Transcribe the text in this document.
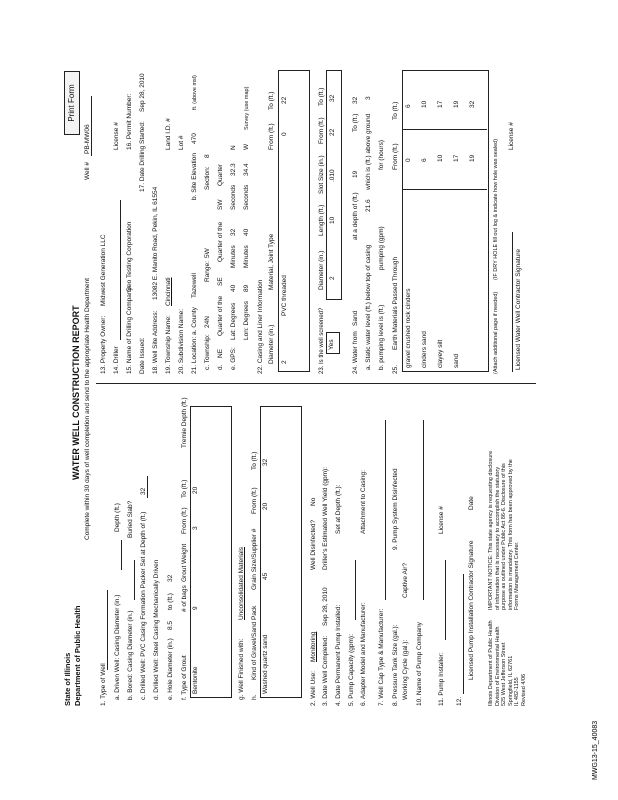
State of Illinois Department of Public Health
WATER WELL CONSTRUCTION REPORT Complete within 30 days of well completion and send to the appropriate Health Department
Print Form
Well #
PB-MW06
1. Type of Well a. Driven Well: Casing Diameter (in.)
Depth (ft.)
b. Bored: Casing Diameter (in.)
Buried Slab? c. Drilled Well: PVC Casing Formation Packer Set at Depth of (ft.)
32
d. Drilled Well: Steel Casing Mechanically Driven e. Hole Diameter (in.)
8.5
to (ft.)
32
f. Type of Grout
# of bags
Grout Weight
From (ft.)
To (ft.)
Tremie Depth (ft.)
Bentonite
9
3
20
g. Well Finished with:
Unconsolidated Materials
h.
Kind of Gravel/Sand Pack
Grain Size/Supplier #
From (ft.)
To (ft.)
Washed quartz sand
45
20
32
2. Well Use:
Monitoring
Well Disinfected?
No
3. Date Well Completed:
Sep 28, 2010
Driller's Estimated Well Yield (gpm):
4. Date Permanent Pump Installed:
Set at Depth (ft.):
5. Pump Capacity (gpm): 6. Adapter Model and Manufacturer:
Attachment to Casing:
7. Well Cap Type & Manufacturer: 8. Pressure Tank Size (gal.):
9. Pump System Disinfected
Working Cycle (gal.):
Captive Air?
10. Name of Pump Company 11. Pump Installer:
License #
12.
Licensed Pump Installation Contractor Signature
Date
Illinois Department of Public Health
Division of Environmental Health
525 West Jefferson Street
Springfield, IL 62761
IL 482-1155
Revised 4/06
IMPORTANT NOTICE: This state agency is requesting disclosure
of information that is necessary to accomplish the statutory
purpose as outlined under Public Act 86-6. Disclosure of this
information is mandatory. This form has been approved by the
Forms Management Center.
13. Property Owner:
Midwest Generation LLC
14. Driller
License #
15. Name of Drilling Company:
Geo Testing Corporation
16. Permit Number:
Date Issued:
17. Date Drilling Started:
Sep 28, 2010
18. Well Site Address:
13082 E. Manito Road, Pekin, IL 61554
19. Township Name:
Cincinnati
Land I.D. #
20. Subdivision Name:
Lot #
21. Location: a. County
Tazewell
b. Site Elevation
470
ft. (above msl)
c. Township:
24N
Range:
5W
Section:
8
d.
NE
Quarter of the
SE
Quarter of the
SW
Quarter
e. GPS:
Lat: Degrees
40
Minutes
32
Seconds
32.3
N
Lon: Degrees
89
Minutes
40
Seconds
34.4
W
Survey (use map)
22. Casing and Liner Information Diameter (in.)
Material, Joint Type
From (ft.)
To (ft.)
2
PVC threaded
0
22
23. Is the well screened? Yes
Diameter (in.)
Length (ft.)
Slot Size (in.)
From (ft.)
To (ft.)
2
10
.010
22
32
24. Water from
Sand
at a depth of (ft.)
19
To (ft.)
32
a. Static water level (ft.) below top of casing
21.6
which is (ft.) above ground
3
b. pumping level is (ft.)
pumping (gpm)
for (hours)
25.
Earth Materials Passed Through
From (ft.)
To (ft.)
gravel crushed rock cinders
0
6
cinders sand
6
10
clayey silt
10
17
sand
17
19
19
32
(Attach additional page if needed)
(IF DRY HOLE fill out log & indicate how hole was sealed)
Licensed Water Well Contractor Signature
License #
MWG13-15_40083
